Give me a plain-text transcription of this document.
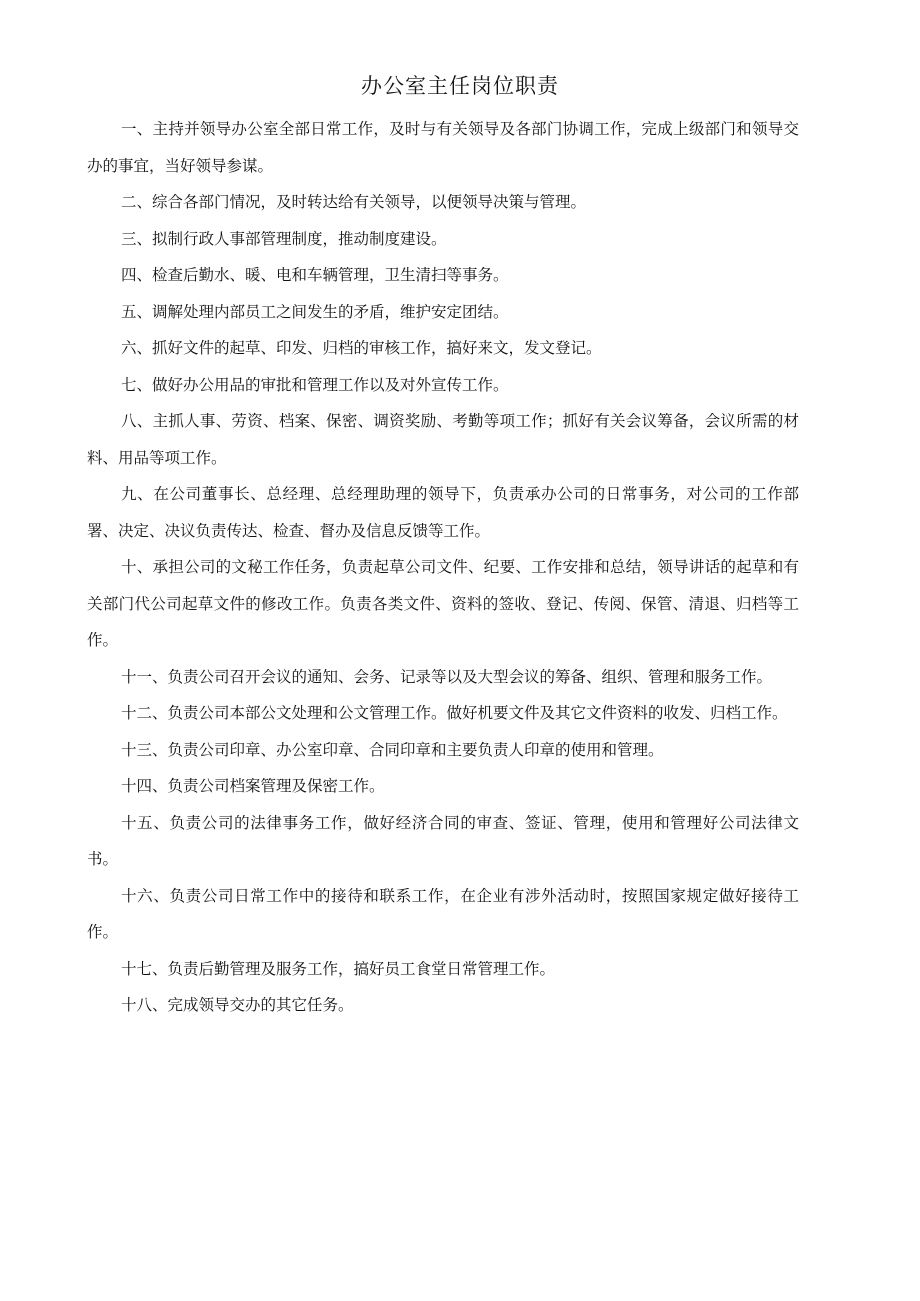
办公室主任岗位职责

一、主持并领导办公室全部日常工作，及时与有关领导及各部门协调工作，完成上级部门和领导交办的事宜，当好领导参谋。

二、综合各部门情况，及时转达给有关领导，以便领导决策与管理。

三、拟制行政人事部管理制度，推动制度建设。

四、检查后勤水、暖、电和车辆管理，卫生清扫等事务。

五、调解处理内部员工之间发生的矛盾，维护安定团结。

六、抓好文件的起草、印发、归档的审核工作，搞好来文，发文登记。

七、做好办公用品的审批和管理工作以及对外宣传工作。

八、主抓人事、劳资、档案、保密、调资奖励、考勤等项工作；抓好有关会议筹备，会议所需的材料、用品等项工作。

九、在公司董事长、总经理、总经理助理的领导下，负责承办公司的日常事务，对公司的工作部署、决定、决议负责传达、检查、督办及信息反馈等工作。

十、承担公司的文秘工作任务，负责起草公司文件、纪要、工作安排和总结，领导讲话的起草和有关部门代公司起草文件的修改工作。负责各类文件、资料的签收、登记、传阅、保管、清退、归档等工作。

十一、负责公司召开会议的通知、会务、记录等以及大型会议的筹备、组织、管理和服务工作。

十二、负责公司本部公文处理和公文管理工作。做好机要文件及其它文件资料的收发、归档工作。

十三、负责公司印章、办公室印章、合同印章和主要负责人印章的使用和管理。

十四、负责公司档案管理及保密工作。

十五、负责公司的法律事务工作，做好经济合同的审查、签证、管理，使用和管理好公司法律文书。

十六、负责公司日常工作中的接待和联系工作，在企业有涉外活动时，按照国家规定做好接待工作。

十七、负责后勤管理及服务工作，搞好员工食堂日常管理工作。

十八、完成领导交办的其它任务。
